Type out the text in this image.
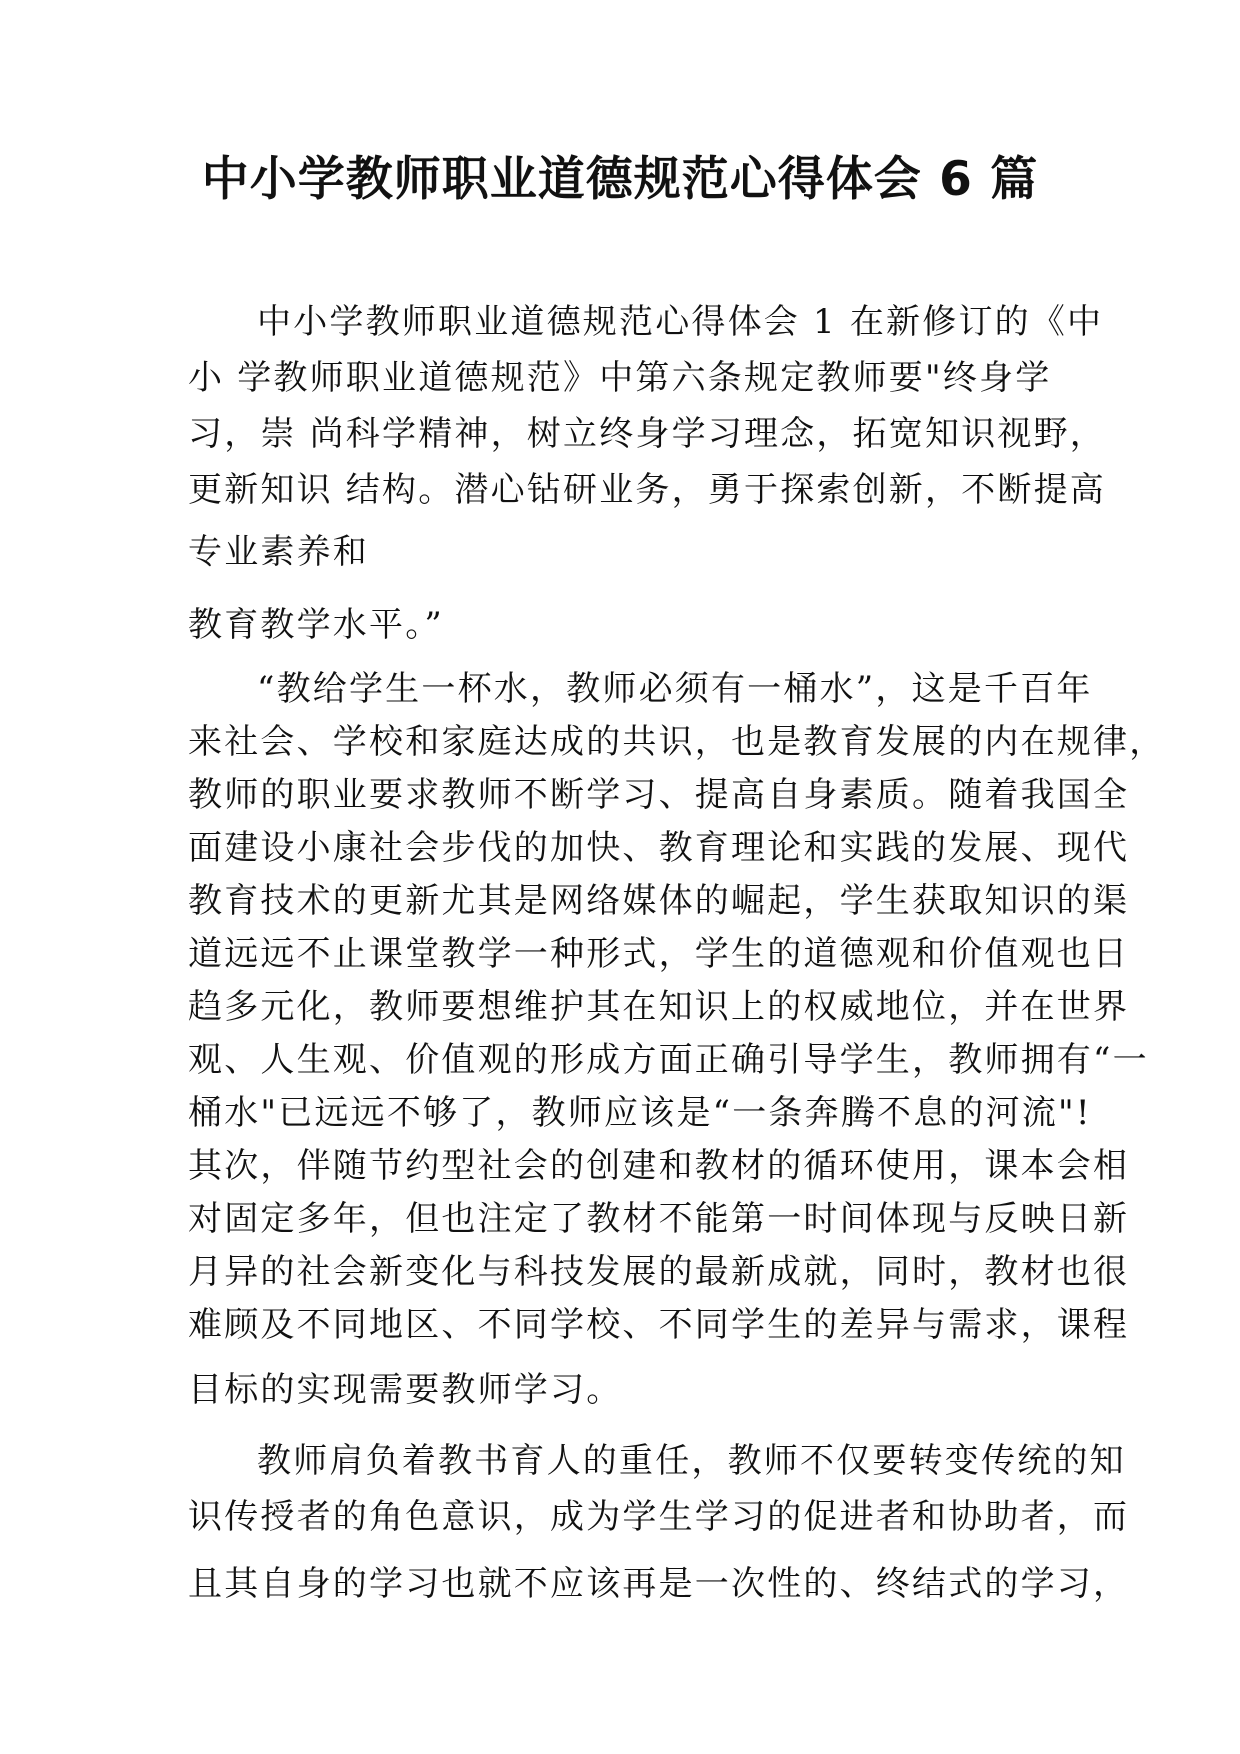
中小学教师职业道德规范心得体会 6 篇

中小学教师职业道德规范心得体会 1 在新修订的《中

小 学教师职业道德规范》中第六条规定教师要"终身学

习，崇 尚科学精神，树立终身学习理念，拓宽知识视野，

更新知识 结构。潜心钻研业务，勇于探索创新，不断提高

专业素养和

教育教学水平。”

“教给学生一杯水，教师必须有一桶水”，这是千百年

来社会、学校和家庭达成的共识，也是教育发展的内在规律，

教师的职业要求教师不断学习、提高自身素质。随着我国全

面建设小康社会步伐的加快、教育理论和实践的发展、现代

教育技术的更新尤其是网络媒体的崛起，学生获取知识的渠

道远远不止课堂教学一种形式，学生的道德观和价值观也日

趋多元化，教师要想维护其在知识上的权威地位，并在世界

观、人生观、价值观的形成方面正确引导学生，教师拥有“一

桶水"已远远不够了，教师应该是“一条奔腾不息的河流"!

其次，伴随节约型社会的创建和教材的循环使用，课本会相

对固定多年，但也注定了教材不能第一时间体现与反映日新

月异的社会新变化与科技发展的最新成就，同时，教材也很

难顾及不同地区、不同学校、不同学生的差异与需求，课程

目标的实现需要教师学习。

教师肩负着教书育人的重任，教师不仅要转变传统的知

识传授者的角色意识，成为学生学习的促进者和协助者，而

且其自身的学习也就不应该再是一次性的、终结式的学习，
